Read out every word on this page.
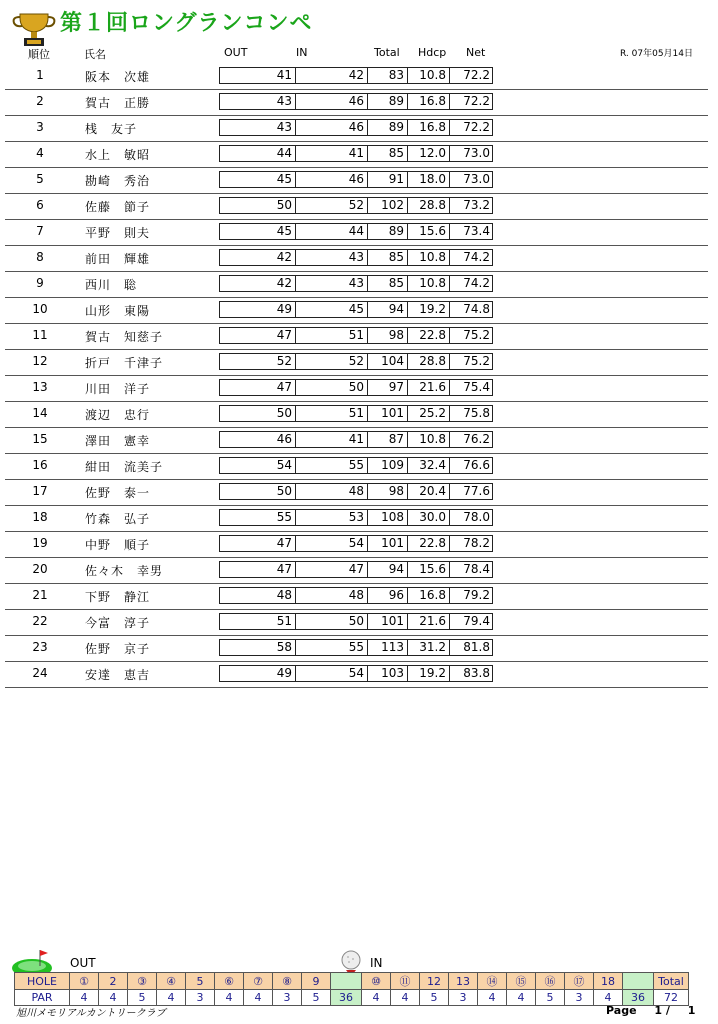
第１回ロングランコンペ
順位	氏名	OUT	IN	Total Hdcp Net	R. 07年05月14日
1	阪本　次雄	41	42	83	10.8	72.2
2	賀古　正勝	43	46	89	16.8	72.2
3	桟　友子	43	46	89	16.8	72.2
4	水上　敏昭	44	41	85	12.0	73.0
5	勘崎　秀治	45	46	91	18.0	73.0
6	佐藤　節子	50	52	102	28.8	73.2
7	平野　則夫	45	44	89	15.6	73.4
8	前田　輝雄	42	43	85	10.8	74.2
9	西川　聡	42	43	85	10.8	74.2
10	山形　東陽	49	45	94	19.2	74.8
11	賀古　知慈子	47	51	98	22.8	75.2
12	折戸　千津子	52	52	104	28.8	75.2
13	川田　洋子	47	50	97	21.6	75.4
14	渡辺　忠行	50	51	101	25.2	75.8
15	澤田　憲幸	46	41	87	10.8	76.2
16	紺田　流美子	54	55	109	32.4	76.6
17	佐野　泰一	50	48	98	20.4	77.6
18	竹森　弘子	55	53	108	30.0	78.0
19	中野　順子	47	54	101	22.8	78.2
20	佐々木　幸男	47	47	94	15.6	78.4
21	下野　静江	48	48	96	16.8	79.2
22	今富　淳子	51	50	101	21.6	79.4
23	佐野　京子	58	55	113	31.2	81.8
24	安達　恵吉	49	54	103	19.2	83.8
OUT	IN
HOLE	①	2	③	④	5	⑥	⑦	⑧	9		⑩	⑪	12	13	⑭	⑮	⑯	⑰	18		Total
PAR	4	4	5	4	3	4	4	3	5	36	4	4	5	3	4	4	5	3	4	36	72
旭川メモリアルカントリークラブ	Page 1 / 1
